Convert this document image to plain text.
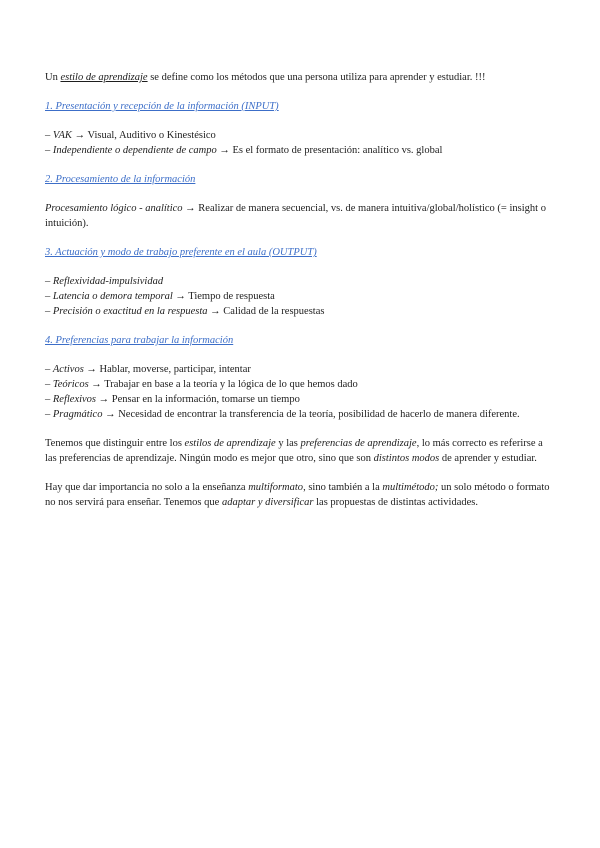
Un estilo de aprendizaje se define como los métodos que una persona utiliza para aprender y estudiar. !!!

1. Presentación y recepción de la información (INPUT)

– VAK → Visual, Auditivo o Kinestésico
– Independiente o dependiente de campo → Es el formato de presentación: analítico vs. global

2. Procesamiento de la información

Procesamiento lógico - analítico → Realizar de manera secuencial, vs. de manera intuitiva/global/holístico (= insight o intuición).

3. Actuación y modo de trabajo preferente en el aula (OUTPUT)

– Reflexividad-impulsividad
– Latencia o demora temporal → Tiempo de respuesta
– Precisión o exactitud en la respuesta → Calidad de la respuestas

4. Preferencias para trabajar la información

– Activos → Hablar, moverse, participar, intentar
– Teóricos → Trabajar en base a la teoría y la lógica de lo que hemos dado
– Reflexivos → Pensar en la información, tomarse un tiempo
– Pragmático → Necesidad de encontrar la transferencia de la teoría, posibilidad de hacerlo de manera diferente.

Tenemos que distinguir entre los estilos de aprendizaje y las preferencias de aprendizaje, lo más correcto es referirse a las preferencias de aprendizaje. Ningún modo es mejor que otro, sino que son distintos modos de aprender y estudiar.

Hay que dar importancia no solo a la enseñanza multiformato, sino también a la multimétodo; un solo método o formato no nos servirá para enseñar. Tenemos que adaptar y diversificar las propuestas de distintas actividades.
